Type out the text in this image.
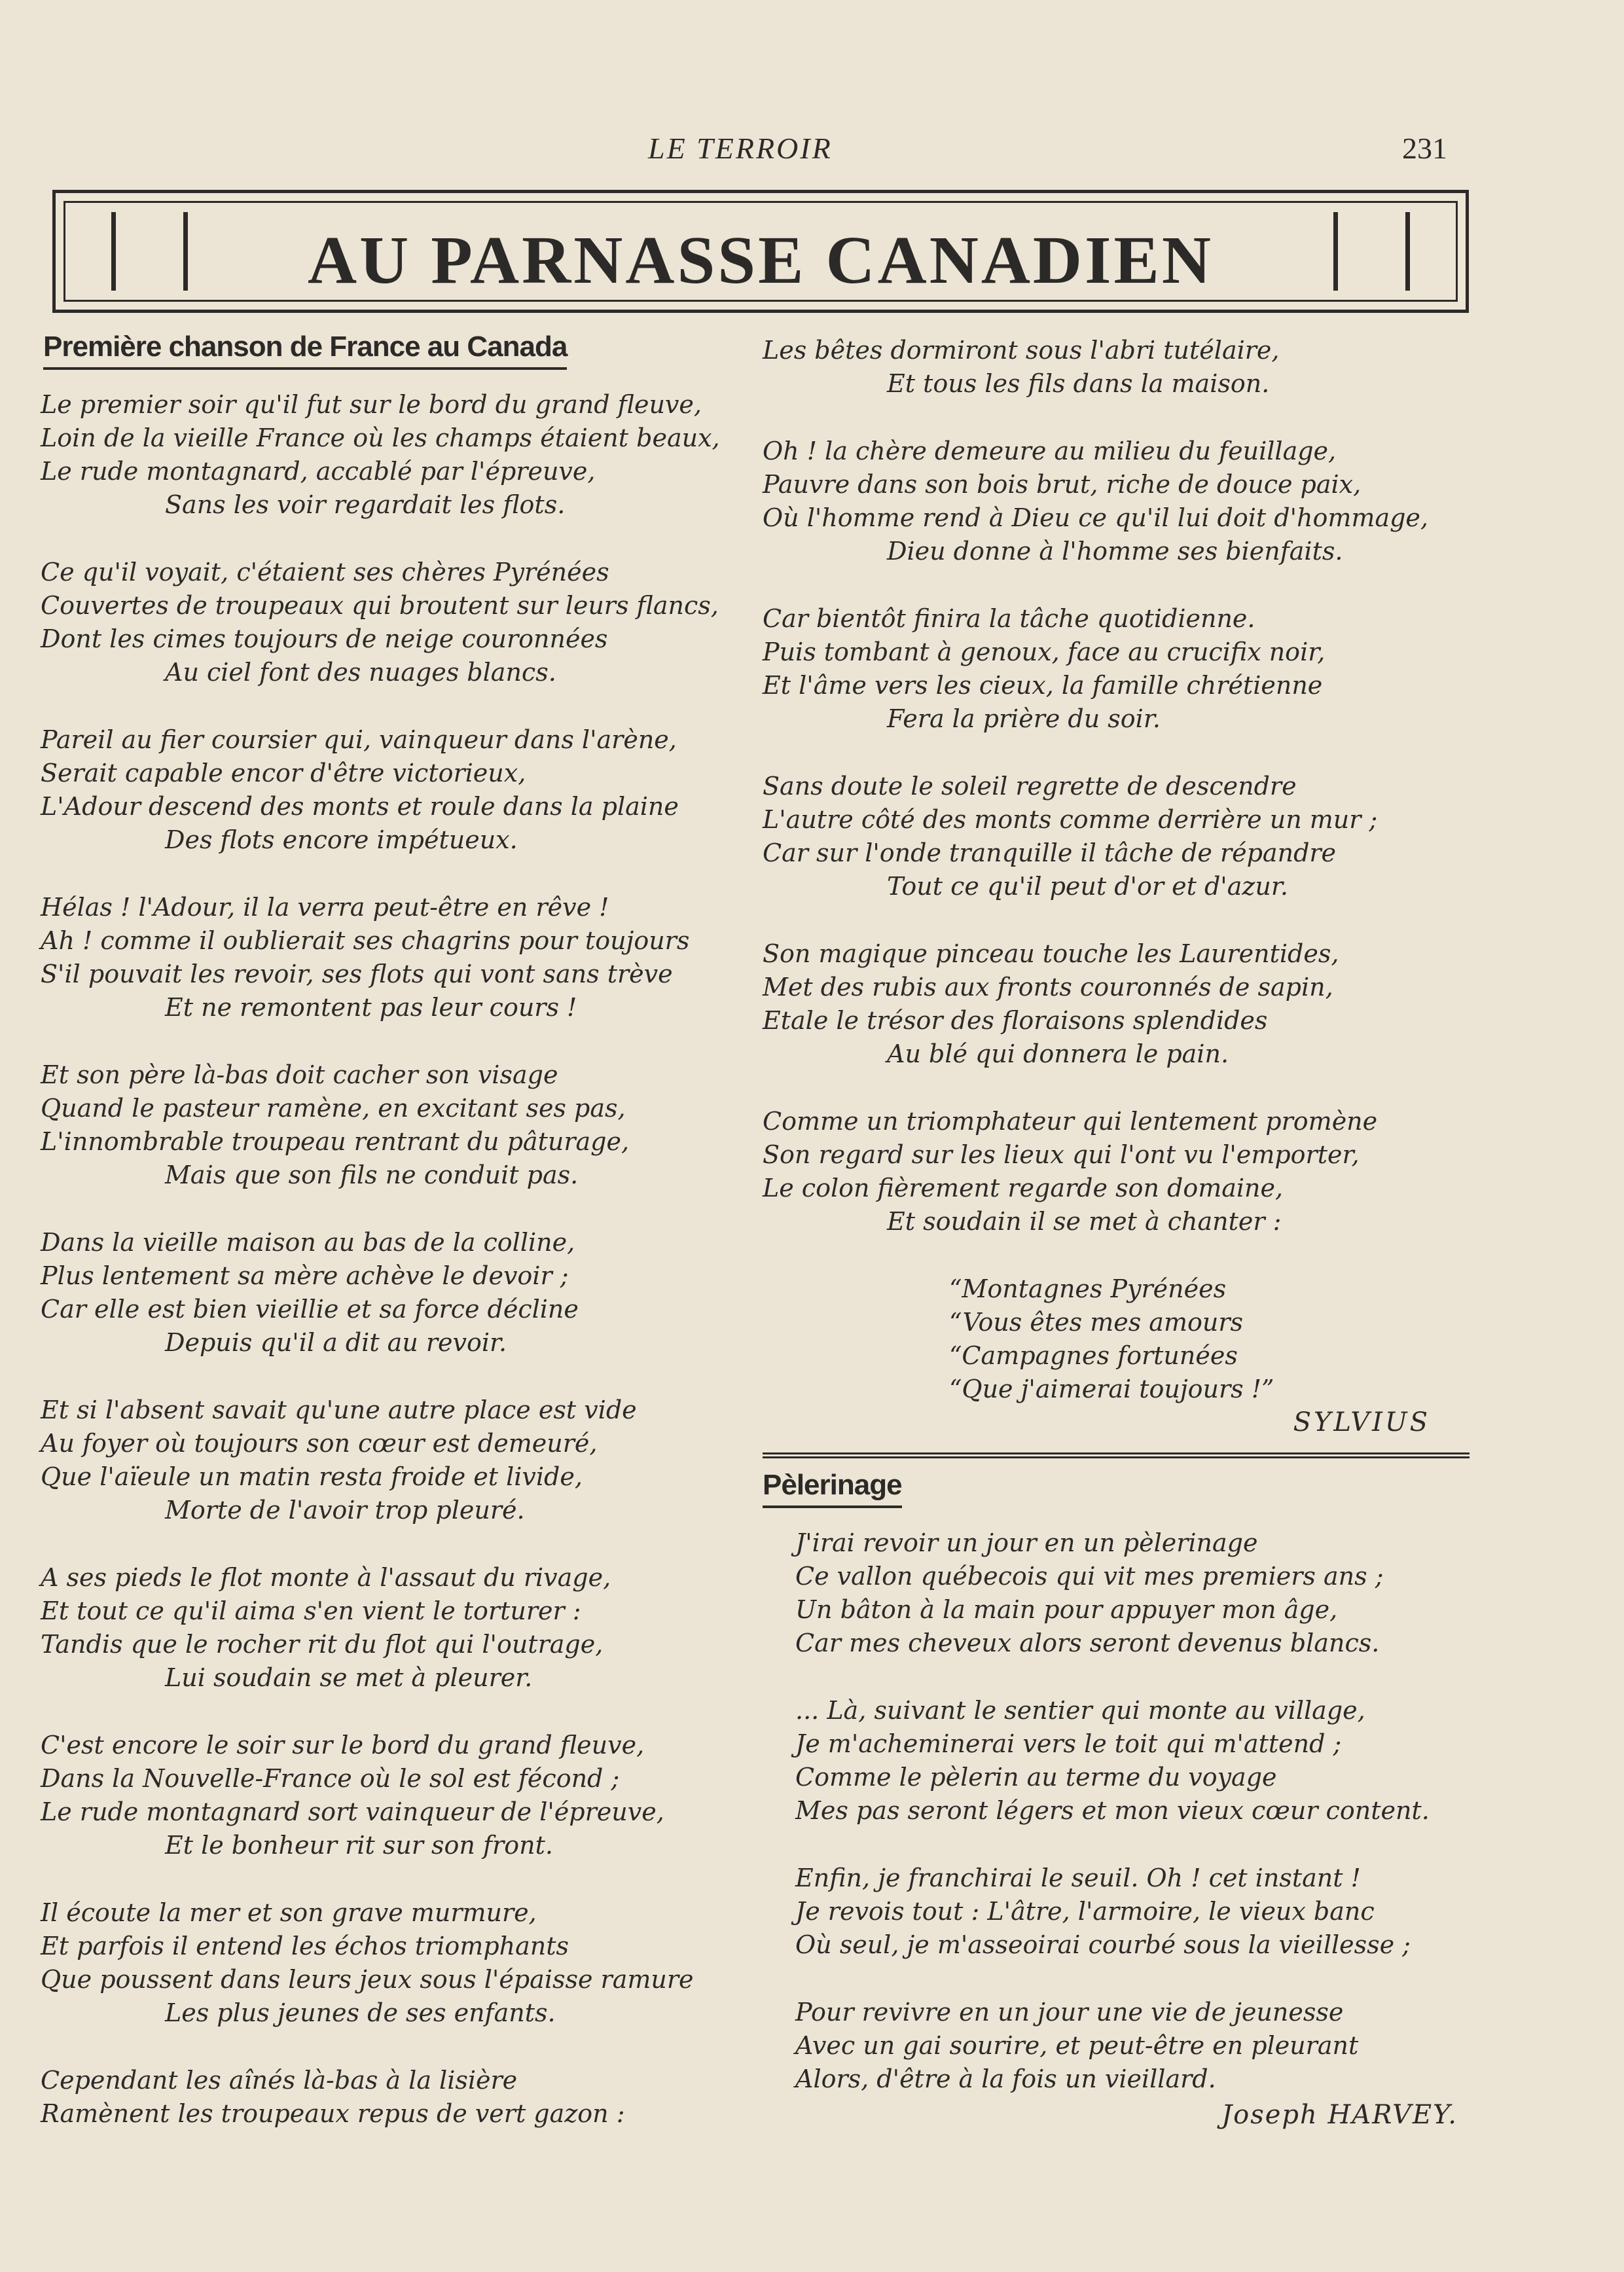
LE TERROIR	231
AU PARNASSE CANADIEN
Première chanson de France au Canada
Le premier soir qu'il fut sur le bord du grand fleuve,
Loin de la vieille France où les champs étaient beaux,
Le rude montagnard, accablé par l'épreuve,
Sans les voir regardait les flots.
Ce qu'il voyait, c'étaient ses chères Pyrénées
Couvertes de troupeaux qui broutent sur leurs flancs,
Dont les cimes toujours de neige couronnées
Au ciel font des nuages blancs.
Pareil au fier coursier qui, vainqueur dans l'arène,
Serait capable encor d'être victorieux,
L'Adour descend des monts et roule dans la plaine
Des flots encore impétueux.
Hélas ! l'Adour, il la verra peut-être en rêve !
Ah ! comme il oublierait ses chagrins pour toujours
S'il pouvait les revoir, ses flots qui vont sans trève
Et ne remontent pas leur cours !
Et son père là-bas doit cacher son visage
Quand le pasteur ramène, en excitant ses pas,
L'innombrable troupeau rentrant du pâturage,
Mais que son fils ne conduit pas.
Dans la vieille maison au bas de la colline,
Plus lentement sa mère achève le devoir ;
Car elle est bien vieillie et sa force décline
Depuis qu'il a dit au revoir.
Et si l'absent savait qu'une autre place est vide
Au foyer où toujours son cœur est demeuré,
Que l'aïeule un matin resta froide et livide,
Morte de l'avoir trop pleuré.
A ses pieds le flot monte à l'assaut du rivage,
Et tout ce qu'il aima s'en vient le torturer :
Tandis que le rocher rit du flot qui l'outrage,
Lui soudain se met à pleurer.
C'est encore le soir sur le bord du grand fleuve,
Dans la Nouvelle-France où le sol est fécond ;
Le rude montagnard sort vainqueur de l'épreuve,
Et le bonheur rit sur son front.
Il écoute la mer et son grave murmure,
Et parfois il entend les échos triomphants
Que poussent dans leurs jeux sous l'épaisse ramure
Les plus jeunes de ses enfants.
Cependant les aînés là-bas à la lisière
Ramènent les troupeaux repus de vert gazon :
Les bêtes dormiront sous l'abri tutélaire,
Et tous les fils dans la maison.
Oh ! la chère demeure au milieu du feuillage,
Pauvre dans son bois brut, riche de douce paix,
Où l'homme rend à Dieu ce qu'il lui doit d'hommage,
Dieu donne à l'homme ses bienfaits.
Car bientôt finira la tâche quotidienne.
Puis tombant à genoux, face au crucifix noir,
Et l'âme vers les cieux, la famille chrétienne
Fera la prière du soir.
Sans doute le soleil regrette de descendre
L'autre côté des monts comme derrière un mur ;
Car sur l'onde tranquille il tâche de répandre
Tout ce qu'il peut d'or et d'azur.
Son magique pinceau touche les Laurentides,
Met des rubis aux fronts couronnés de sapin,
Etale le trésor des floraisons splendides
Au blé qui donnera le pain.
Comme un triomphateur qui lentement promène
Son regard sur les lieux qui l'ont vu l'emporter,
Le colon fièrement regarde son domaine,
Et soudain il se met à chanter :
“Montagnes Pyrénées
“Vous êtes mes amours
“Campagnes fortunées
“Que j'aimerai toujours !”
SYLVIUS
Pèlerinage
J'irai revoir un jour en un pèlerinage
Ce vallon québecois qui vit mes premiers ans ;
Un bâton à la main pour appuyer mon âge,
Car mes cheveux alors seront devenus blancs.
... Là, suivant le sentier qui monte au village,
Je m'acheminerai vers le toit qui m'attend ;
Comme le pèlerin au terme du voyage
Mes pas seront légers et mon vieux cœur content.
Enfin, je franchirai le seuil. Oh ! cet instant !
Je revois tout : L'âtre, l'armoire, le vieux banc
Où seul, je m'asseoirai courbé sous la vieillesse ;
Pour revivre en un jour une vie de jeunesse
Avec un gai sourire, et peut-être en pleurant
Alors, d'être à la fois un vieillard.
Joseph HARVEY.
